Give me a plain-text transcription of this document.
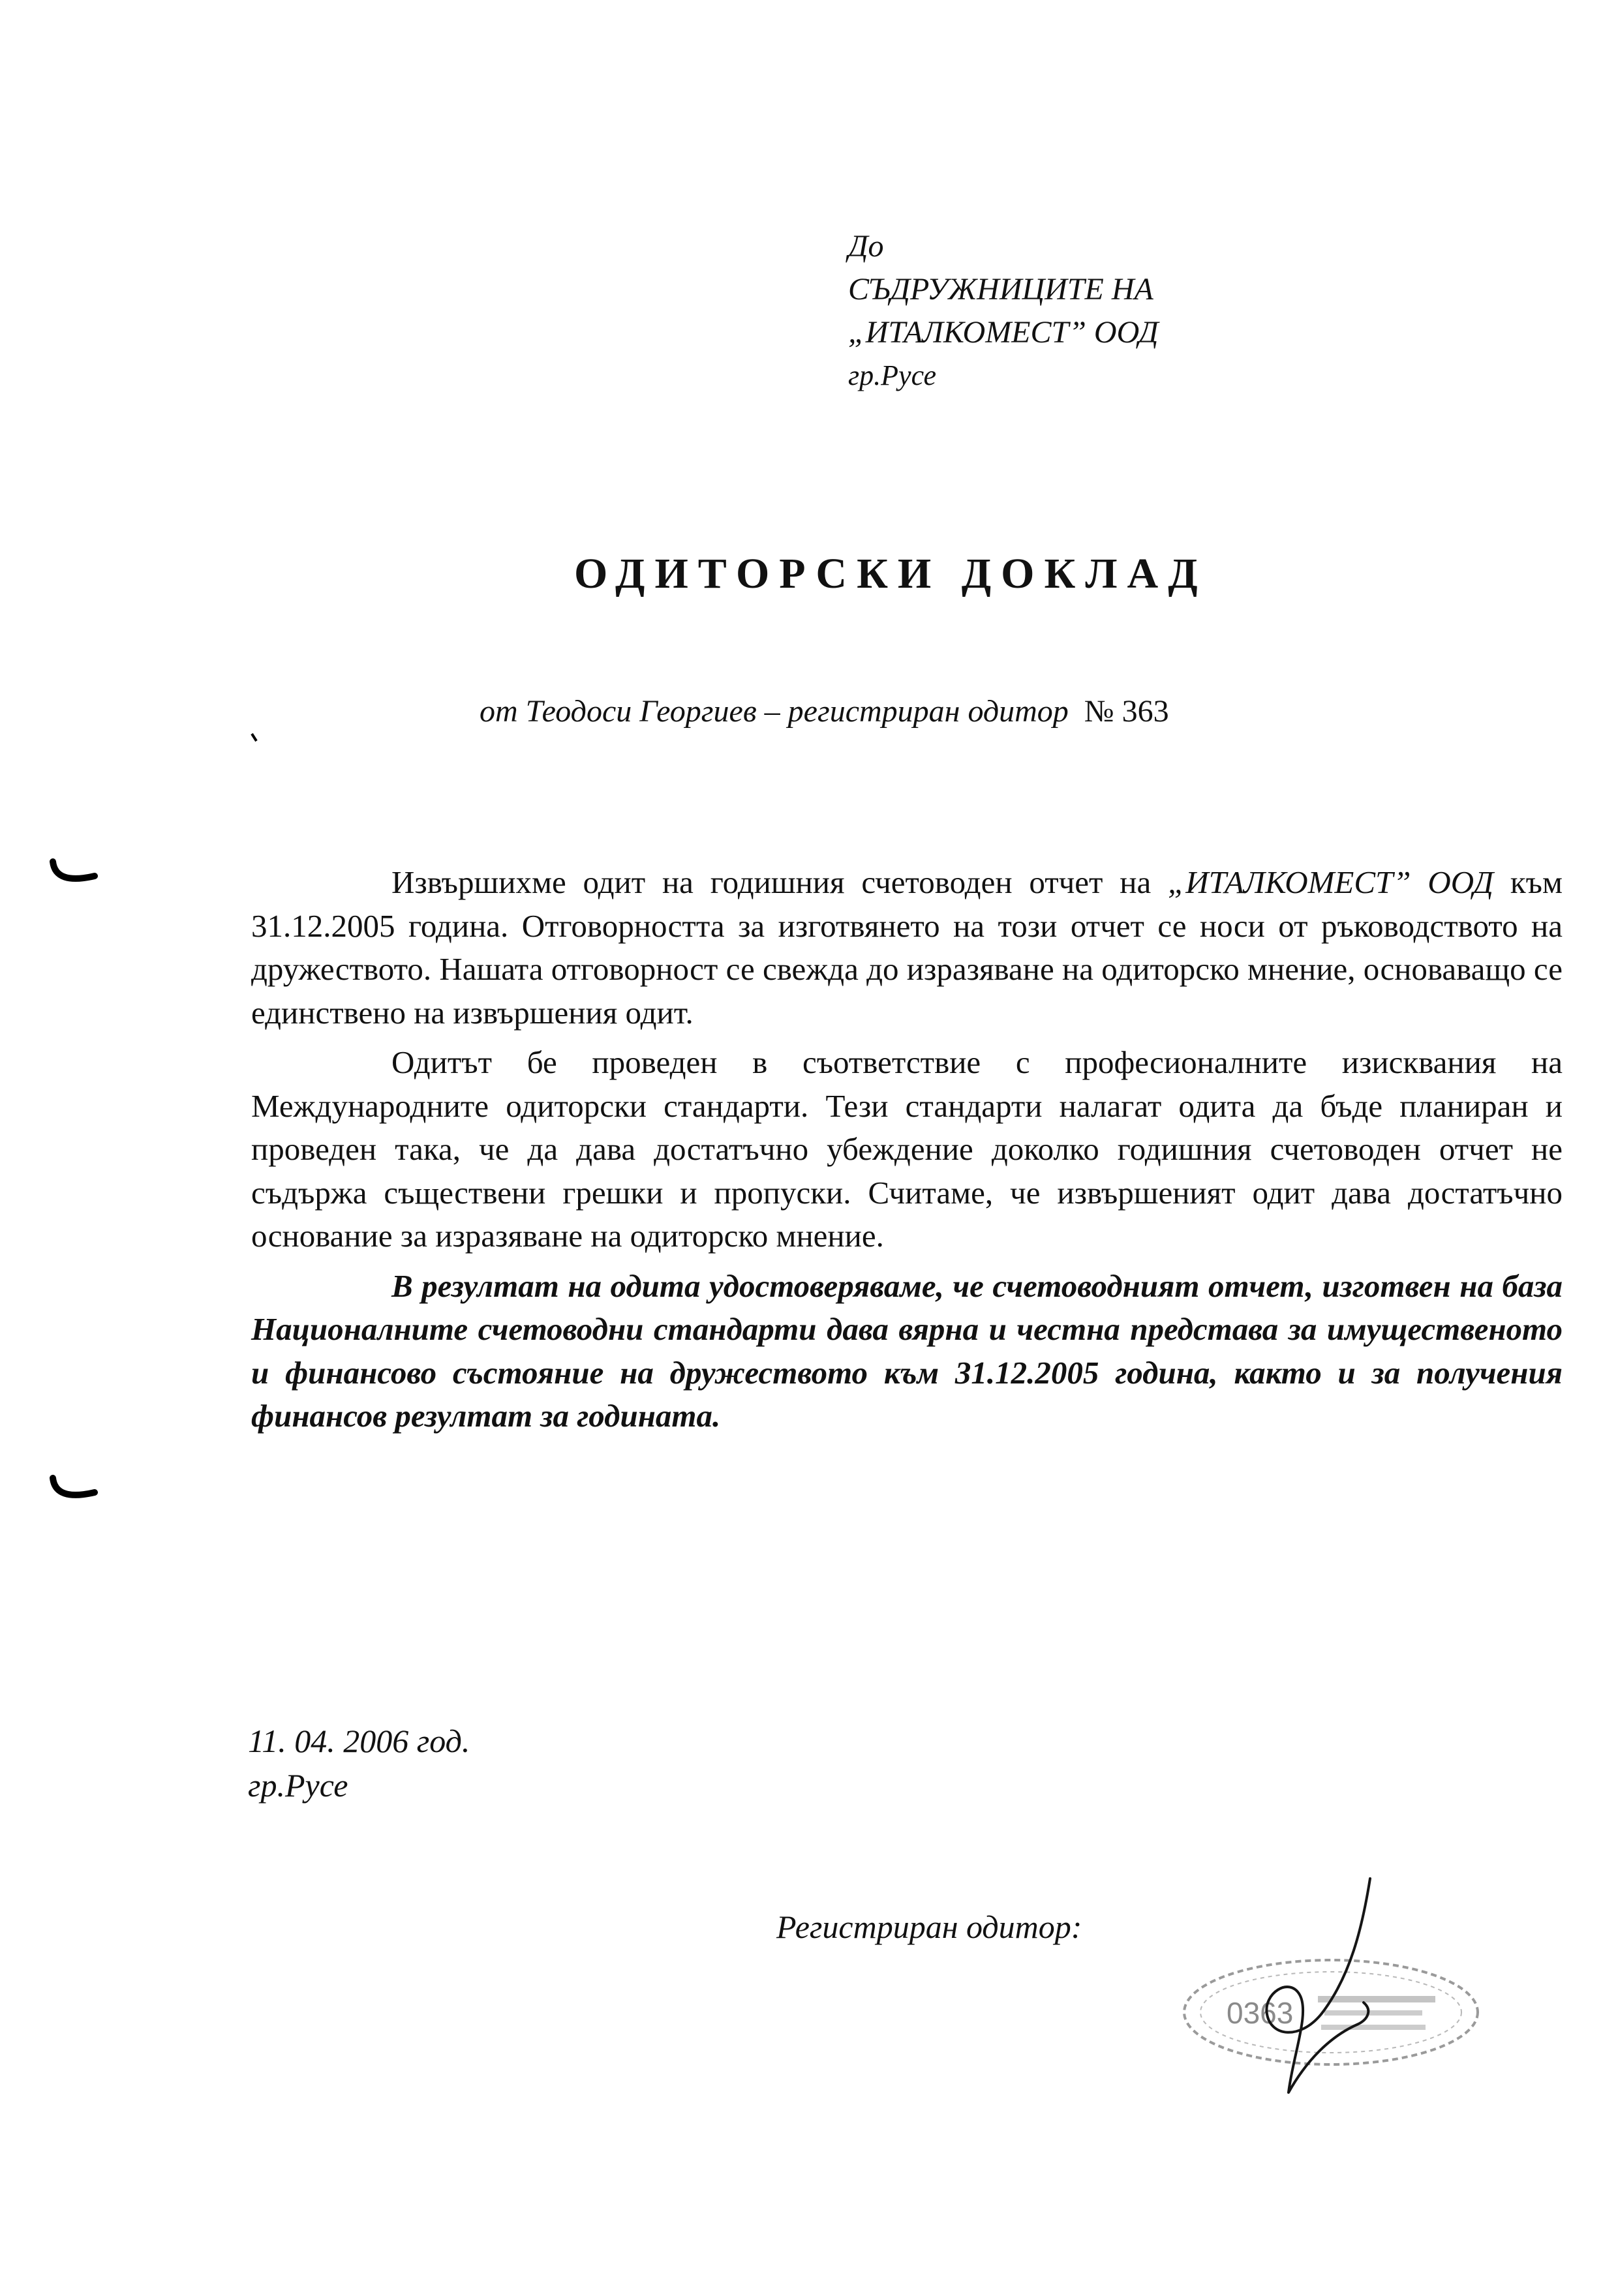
До
СЪДРУЖНИЦИТЕ НА
„ИТАЛКОМЕСТ” ООД
гр.Русе
ОДИТОРСКИ ДОКЛАД
от Теодоси Георгиев – регистриран одитор № 363

Извършихме одит на годишния счетоводен отчет на „ИТАЛКОМЕСТ” ООД към 31.12.2005 година. Отговорността за изготвянето на този отчет се носи от ръководството на дружеството. Нашата отговорност се свежда до изразяване на одиторско мнение, основаващо се единствено на извършения одит.

Одитът бе проведен в съответствие с професионалните изисквания на Международните одиторски стандарти. Тези стандарти налагат одита да бъде планиран и проведен така, че да дава достатъчно убеждение доколко годишния счетоводен отчет не съдържа съществени грешки и пропуски. Считаме, че извършеният одит дава достатъчно основание за изразяване на одиторско мнение.

В резултат на одита удостоверяваме, че счетоводният отчет, изготвен на база Националните счетоводни стандарти дава вярна и честна представа за имущественото и финансово състояние на дружеството към 31.12.2005 година, както и за получения финансов резултат за годината.

11. 04. 2006 год.
гр.Русе
Регистриран одитор:
0363
